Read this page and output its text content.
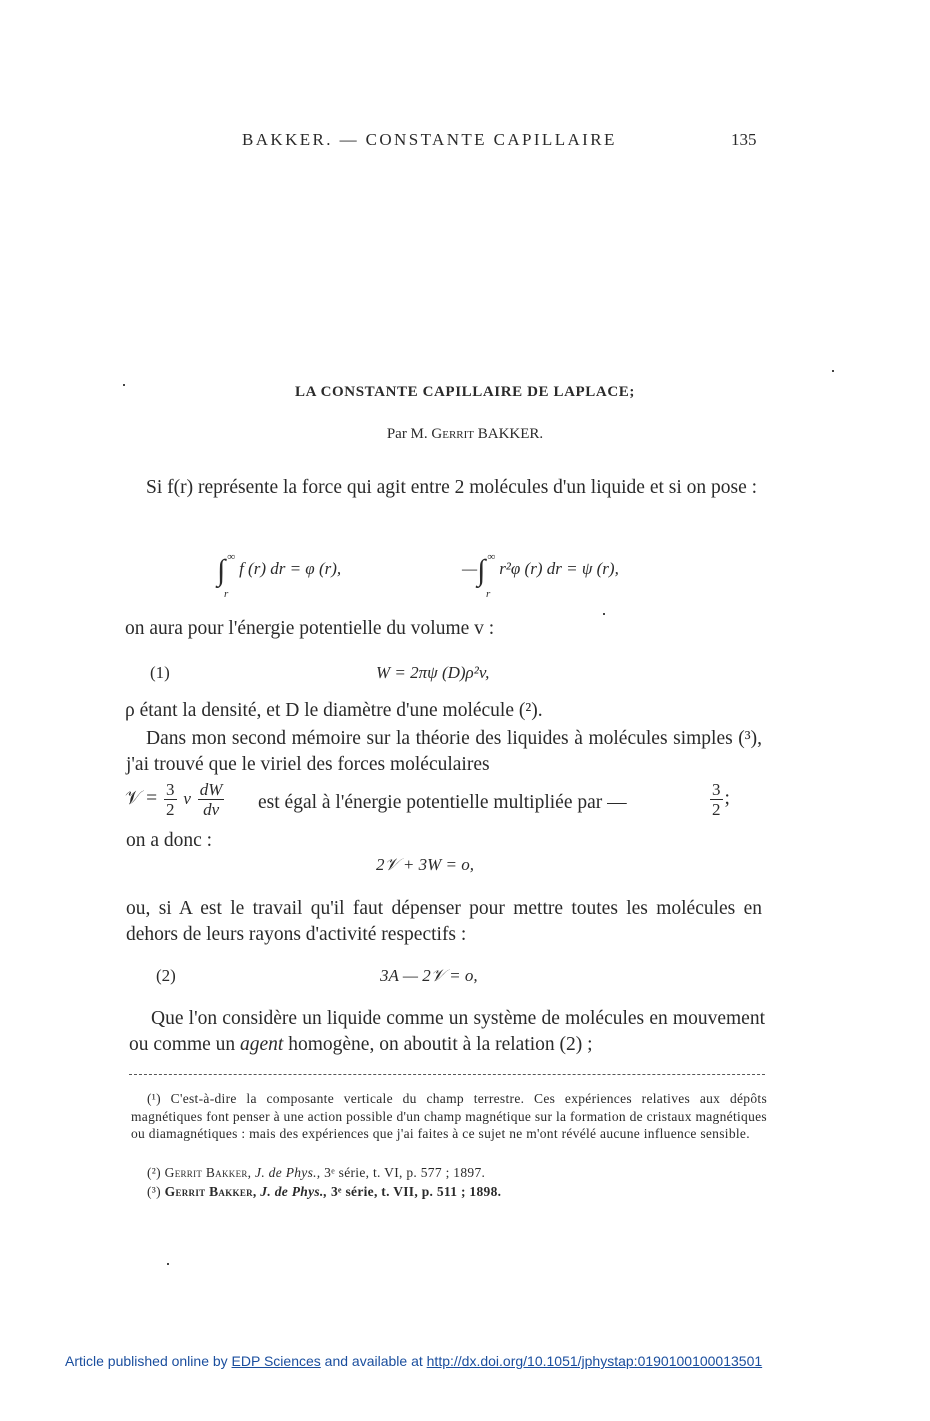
BAKKER. — CONSTANTE CAPILLAIRE	135
LA CONSTANTE CAPILLAIRE DE LAPLACE;
Par M. Gerrit BAKKER.
Si f(r) représente la force qui agit entre 2 molécules d'un liquide et si on pose :
∫ ∞f (r) dr = φ (r),
r
—∫ ∞r²φ (r) dr = ψ (r),
r
on aura pour l'énergie potentielle du volume v :
(1)	W = 2πψ (D)ρ²v,
ρ étant la densité, et D le diamètre d'une molécule (²).
Dans mon second mémoire sur la théorie des liquides à molécules simples (³), j'ai trouvé que le viriel des forces moléculaires
𝒱 = $\frac{3}{2}$ v $\frac{dW}{dv}$ est égal à l'énergie potentielle multipliée par —	$\frac{3}{2}$ ;
on a donc :
2𝒱 + 3W = o,
ou, si A est le travail qu'il faut dépenser pour mettre toutes les molécules en dehors de leurs rayons d'activité respectifs :
(2)	3A — 2𝒱 = o,
Que l'on considère un liquide comme un système de molécules en mouvement ou comme un agent homogène, on aboutit à la relation (2) ;
(¹) C'est-à-dire la composante verticale du champ terrestre. Ces expériences relatives aux dépôts magnétiques font penser à une action possible d'un champ magnétique sur la formation de cristaux magnétiques ou diamagnétiques : mais des expériences que j'ai faites à ce sujet ne m'ont révélé aucune influence sensible.
(²) Gerrit Bakker, J. de Phys., 3ᵉ série, t. VI, p. 577 ; 1897.
(³) Gerrit Bakker, J. de Phys., 3ᵉ série, t. VII, p. 511 ; 1898.
Article published online by EDP Sciences and available at http://dx.doi.org/10.1051/jphystap:0190100100013501
